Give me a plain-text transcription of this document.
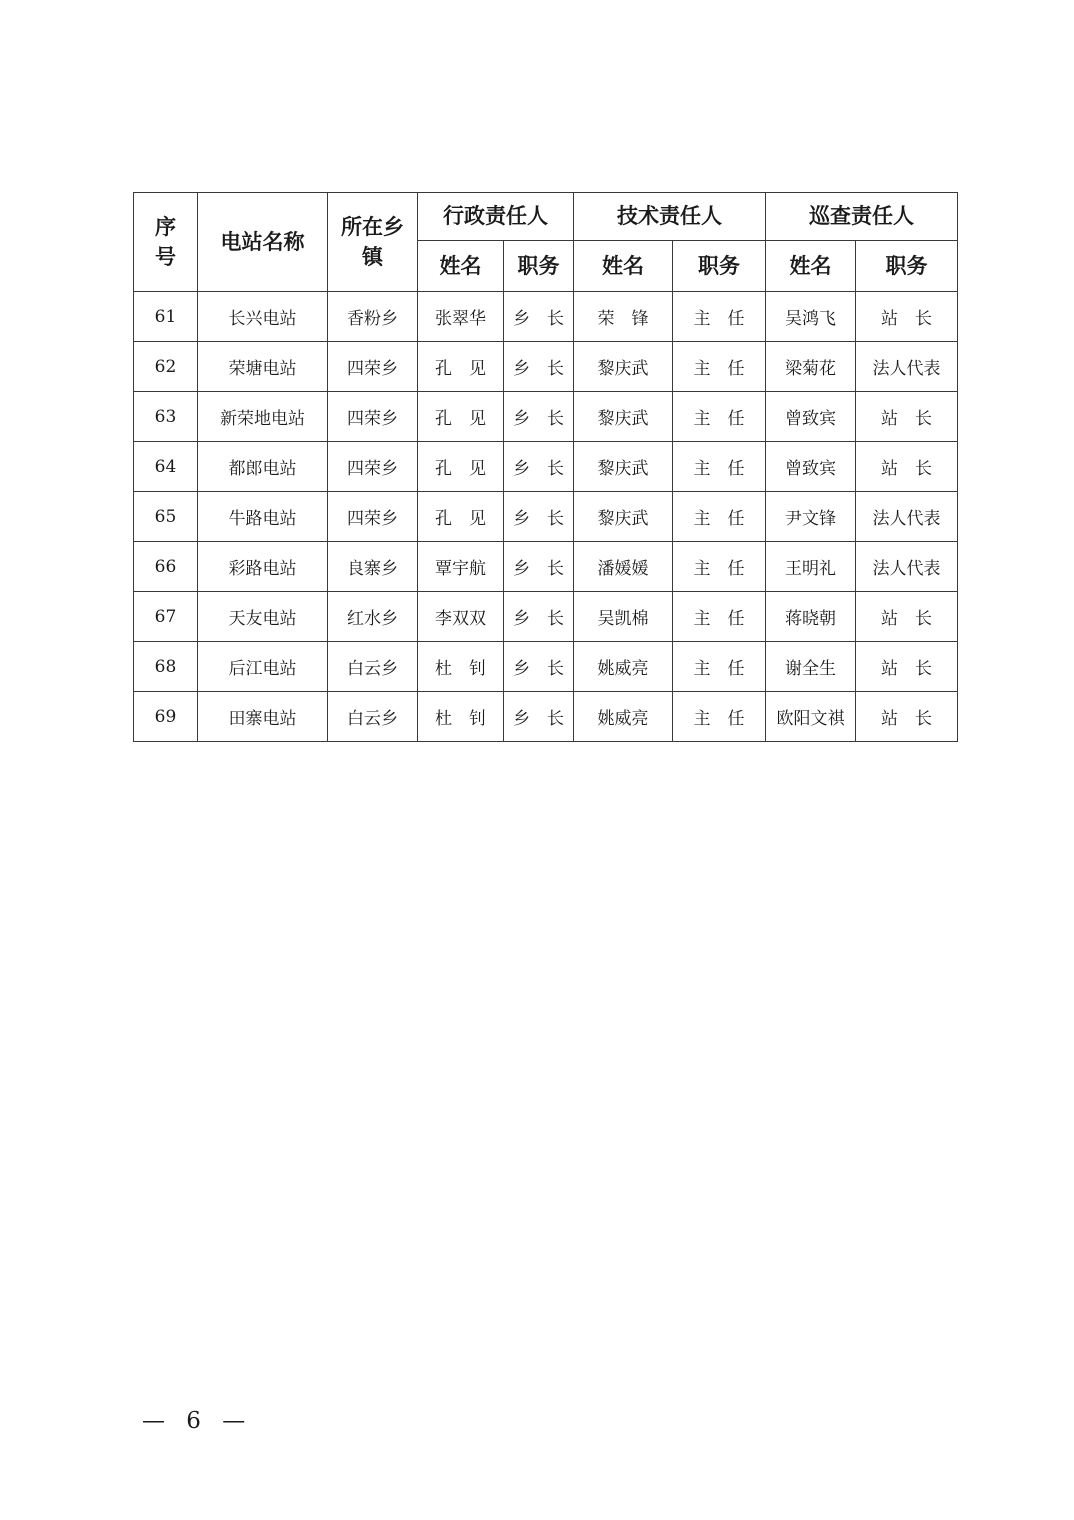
序号	电站名称	所在乡镇	行政责任人		技术责任人		巡查责任人	
			姓名	职务	姓名	职务	姓名	职务
61	长兴电站	香粉乡	张翠华	乡　长	荣　锋	主　任	吴鸿飞	站　长
62	荣塘电站	四荣乡	孔　见	乡　长	黎庆武	主　任	梁菊花	法人代表
63	新荣地电站	四荣乡	孔　见	乡　长	黎庆武	主　任	曾致宾	站　长
64	都郎电站	四荣乡	孔　见	乡　长	黎庆武	主　任	曾致宾	站　长
65	牛路电站	四荣乡	孔　见	乡　长	黎庆武	主　任	尹文锋	法人代表
66	彩路电站	良寨乡	覃宇航	乡　长	潘媛媛	主　任	王明礼	法人代表
67	天友电站	红水乡	李双双	乡　长	吴凯棉	主　任	蒋晓朝	站　长
68	后江电站	白云乡	杜　钊	乡　长	姚威亮	主　任	谢全生	站　长
69	田寨电站	白云乡	杜　钊	乡　长	姚威亮	主　任	欧阳文祺	站　长
— 6 —
